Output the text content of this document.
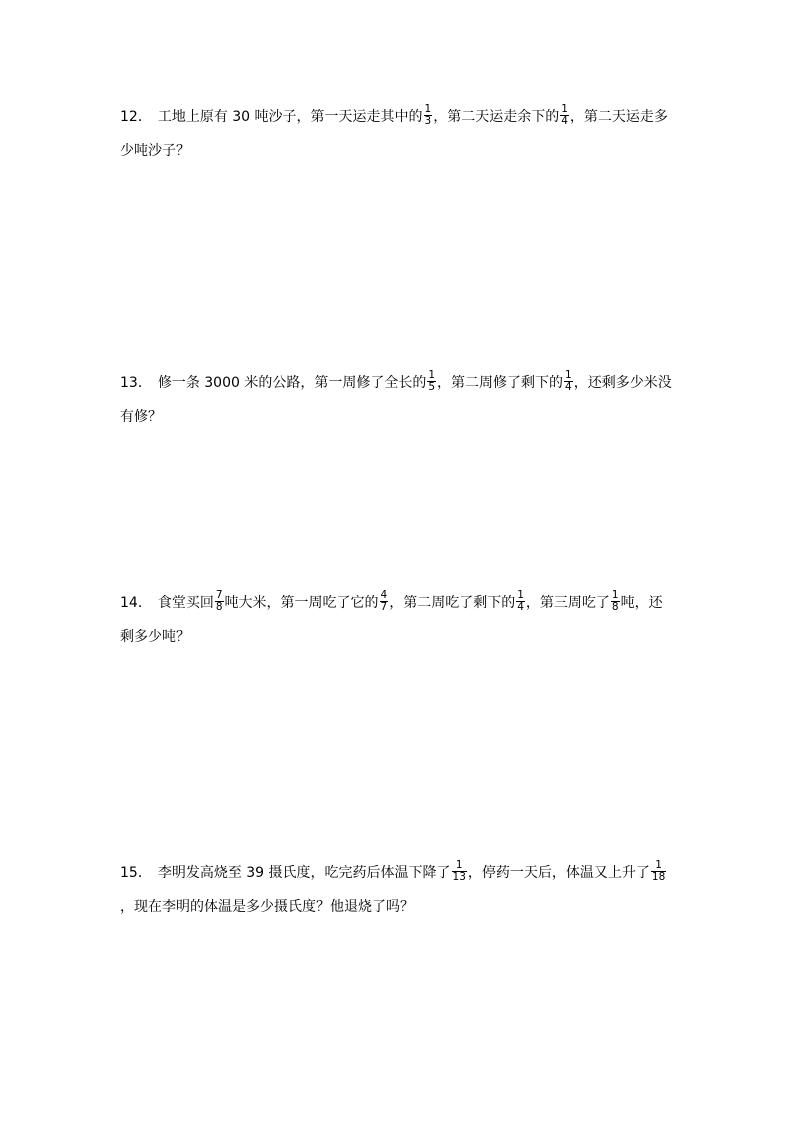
12． 工地上原有 30 吨沙子，第一天运走其中的 $\frac{1}{3}$ ，第二天运走余下的 $\frac{1}{4}$ ，第二天运走多少吨沙子？
13． 修一条 3000 米的公路，第一周修了全长的 $\frac{1}{5}$ ，第二周修了剩下的 $\frac{1}{4}$ ，还剩多少米没有修？
14． 食堂买回 $\frac{7}{8}$ 吨大米，第一周吃了它的 $\frac{4}{7}$ ，第二周吃了剩下的 $\frac{1}{4}$ ，第三周吃了 $\frac{1}{8}$ 吨，还剩多少吨？
15． 李明发高烧至 39 摄氏度，吃完药后体温下降了 $\frac{1}{13}$ ，停药一天后，体温又上升了 $\frac{1}{18}$
，现在李明的体温是多少摄氏度？他退烧了吗？
